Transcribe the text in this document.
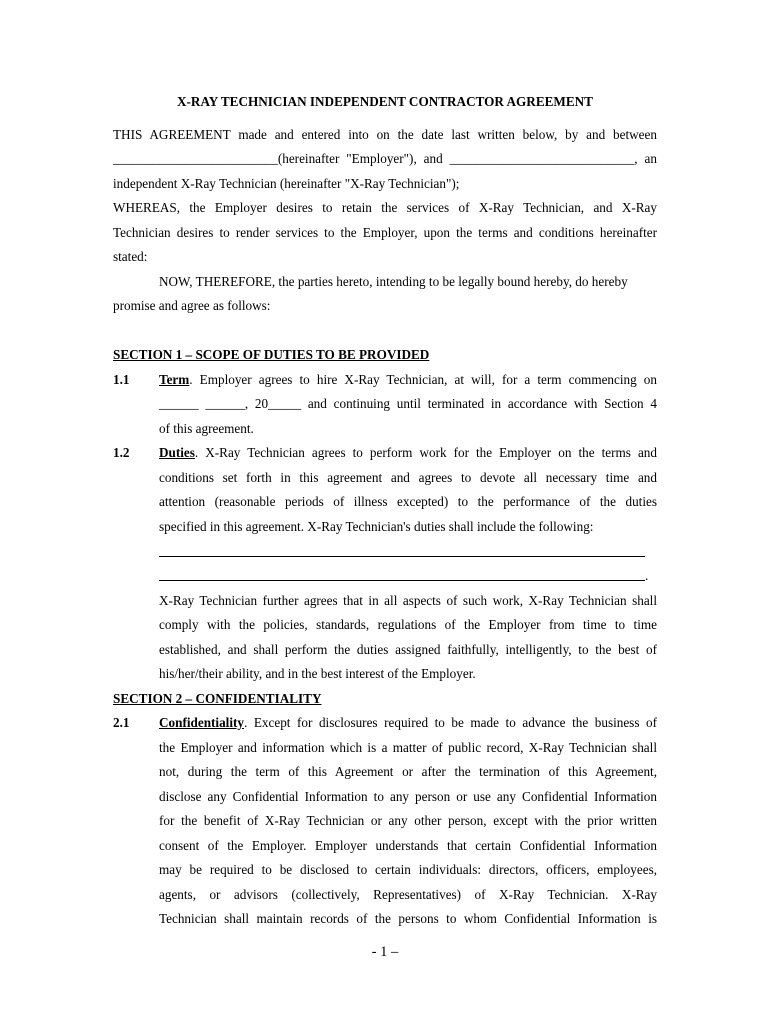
X-RAY TECHNICIAN INDEPENDENT CONTRACTOR AGREEMENT
THIS AGREEMENT made and entered into on the date last written below, by and between
_________________________(hereinafter "Employer"), and ____________________________, an
independent X-Ray Technician (hereinafter "X-Ray Technician");
WHEREAS, the Employer desires to retain the services of X-Ray Technician, and X-Ray
Technician desires to render services to the Employer, upon the terms and conditions hereinafter
stated:
NOW, THEREFORE, the parties hereto, intending to be legally bound hereby, do hereby
promise and agree as follows:
SECTION 1 – SCOPE OF DUTIES TO BE PROVIDED
1.1 Term. Employer agrees to hire X-Ray Technician, at will, for a term commencing on
______ ______, 20_____ and continuing until terminated in accordance with Section 4
of this agreement.
1.2 Duties. X-Ray Technician agrees to perform work for the Employer on the terms and
conditions set forth in this agreement and agrees to devote all necessary time and
attention (reasonable periods of illness excepted) to the performance of the duties
specified in this agreement. X-Ray Technician's duties shall include the following:
.
X-Ray Technician further agrees that in all aspects of such work, X-Ray Technician shall
comply with the policies, standards, regulations of the Employer from time to time
established, and shall perform the duties assigned faithfully, intelligently, to the best of
his/her/their ability, and in the best interest of the Employer.
SECTION 2 – CONFIDENTIALITY
2.1 Confidentiality. Except for disclosures required to be made to advance the business of
the Employer and information which is a matter of public record, X-Ray Technician shall
not, during the term of this Agreement or after the termination of this Agreement,
disclose any Confidential Information to any person or use any Confidential Information
for the benefit of X-Ray Technician or any other person, except with the prior written
consent of the Employer. Employer understands that certain Confidential Information
may be required to be disclosed to certain individuals: directors, officers, employees,
agents, or advisors (collectively, Representatives) of X-Ray Technician. X-Ray
Technician shall maintain records of the persons to whom Confidential Information is
- 1 –
